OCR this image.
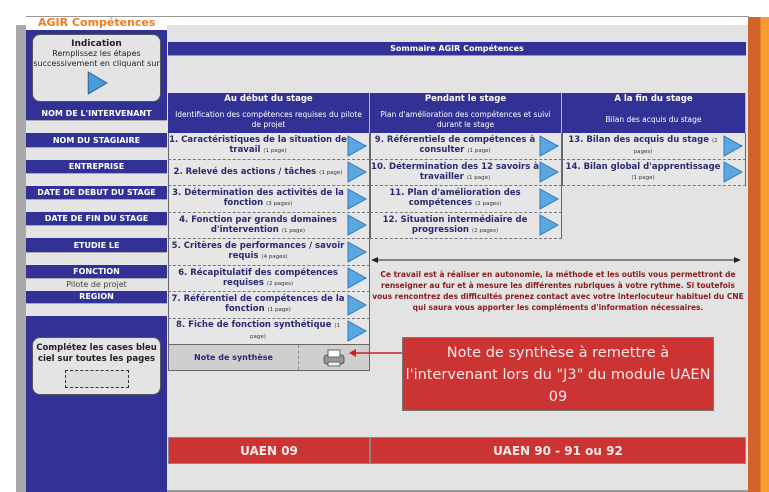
AGIR Compétences
Indication
Remplissez les étapes successivement en cliquant sur

NOM DE L'INTERVENANT
NOM DU STAGIAIRE
ENTREPRISE
DATE DE DEBUT DU STAGE
DATE DE FIN DU STAGE
ETUDIE LE
FONCTION
Pilote de projet
REGION
Complétez les cases bleu ciel sur toutes les pages
Sommaire AGIR Compétences
Au début du stage
Identification des compétences requises du pilote de projet
1. Caractéristiques de la situation de travail (1 page)
2. Relevé des actions / tâches (1 page)
3. Détermination des activités de la fonction (3 pages)
4. Fonction par grands domaines d'intervention (1 page)
5. Critères de performances / savoir requis (4 pages)
6. Récapitulatif des compétences requises (2 pages)
7. Référentiel de compétences de la fonction (1 page)
8. Fiche de fonction synthétique (1 page)
Pendant le stage
Plan d'amélioration des compétences et suivi durant le stage
9. Référentiels de compétences à consulter (1 page)
10. Détermination des 12 savoirs à travailler (1 page)
11. Plan d'amélioration des compétences (2 pages)
12. Situation intermédiaire de progression (2 pages)
A la fin du stage
Bilan des acquis du stage
13. Bilan des acquis du stage (2 pages)
14. Bilan global d'apprentissage (1 page)
Note de synthèse
Ce travail est à réaliser en autonomie, la méthode et les outils vous permettront de renseigner au fur et à mesure les différentes rubriques à votre rythme. Si toutefois vous rencontrez des difficultés prenez contact avec votre interlocuteur habituel du CNE qui saura vous apporter les compléments d'information nécessaires.
Note de synthèse à remettre à l'intervenant lors du "J3" du module UAEN 09
UAEN 09	UAEN 90 - 91 ou 92
